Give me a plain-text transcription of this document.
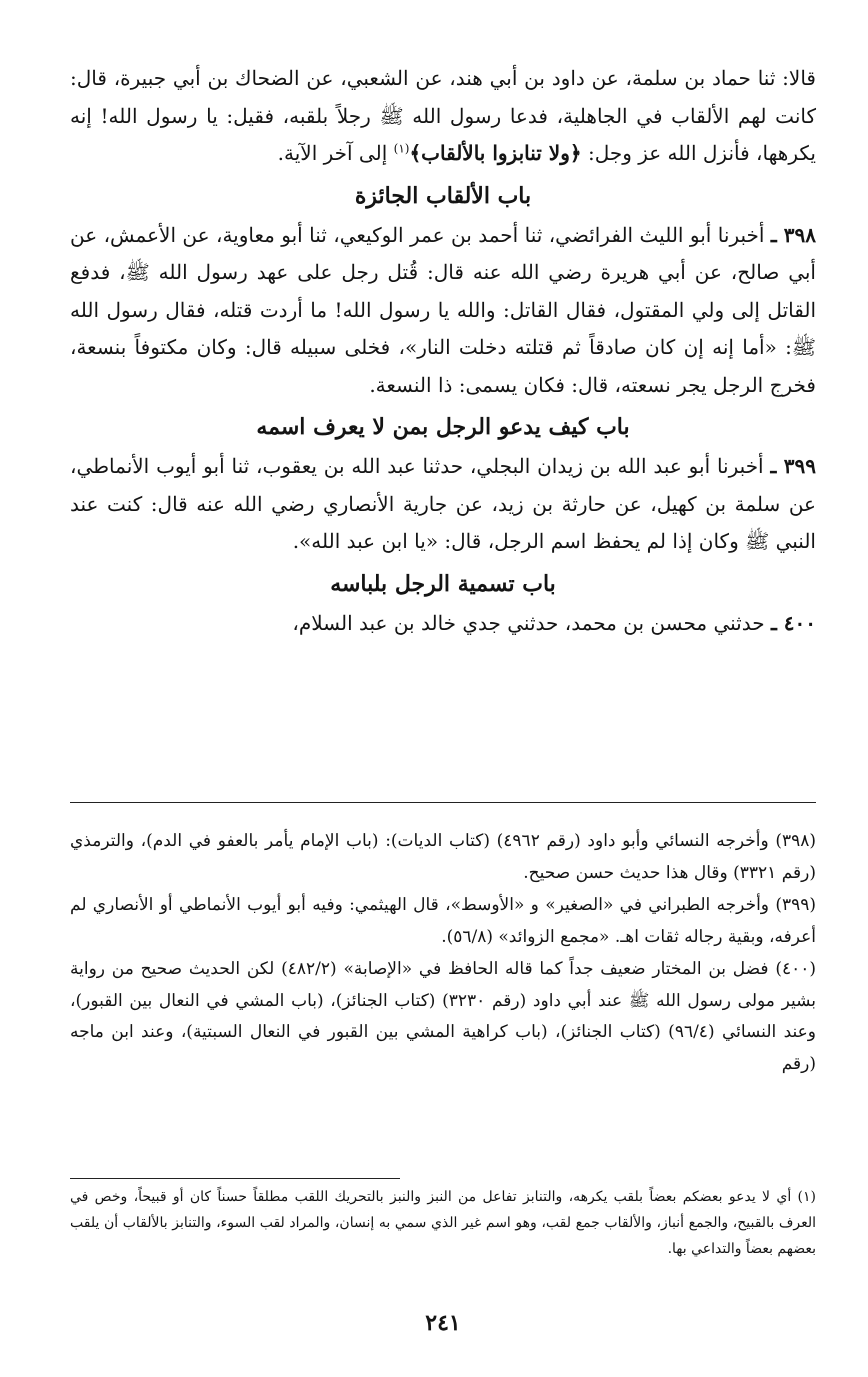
قالا: ثنا حماد بن سلمة، عن داود بن أبي هند، عن الشعبي، عن الضحاك بن أبي جبيرة، قال: كانت لهم الألقاب في الجاهلية، فدعا رسول الله ﷺ رجلاً بلقبه، فقيل: يا رسول الله! إنه يكرهها، فأنزل الله عز وجل: ﴿ولا تنابزوا بالألقاب﴾$^{(١)}$ إلى آخر الآية.

باب الألقاب الجائزة

٣٩٨ ـ أخبرنا أبو الليث الفرائضي، ثنا أحمد بن عمر الوكيعي، ثنا أبو معاوية، عن الأعمش، عن أبي صالح، عن أبي هريرة رضي الله عنه قال: قُتل رجل على عهد رسول الله ﷺ، فدفع القاتل إلى ولي المقتول، فقال القاتل: والله يا رسول الله! ما أردت قتله، فقال رسول الله ﷺ: «أما إنه إن كان صادقاً ثم قتلته دخلت النار»، فخلى سبيله قال: وكان مكتوفاً بنسعة، فخرج الرجل يجر نسعته، قال: فكان يسمى: ذا النسعة.

باب كيف يدعو الرجل بمن لا يعرف اسمه

٣٩٩ ـ أخبرنا أبو عبد الله بن زيدان البجلي، حدثنا عبد الله بن يعقوب، ثنا أبو أيوب الأنماطي، عن سلمة بن كهيل، عن حارثة بن زيد، عن جارية الأنصاري رضي الله عنه قال: كنت عند النبي ﷺ وكان إذا لم يحفظ اسم الرجل، قال: «يا ابن عبد الله».

باب تسمية الرجل بلباسه

٤٠٠ ـ حدثني محسن بن محمد، حدثني جدي خالد بن عبد السلام،

(٣٩٨) وأخرجه النسائي وأبو داود (رقم ٤٩٦٢) (كتاب الديات): (باب الإمام يأمر بالعفو في الدم)، والترمذي (رقم ٣٣٢١) وقال هذا حديث حسن صحيح.

(٣٩٩) وأخرجه الطبراني في «الصغير» و «الأوسط»، قال الهيثمي: وفيه أبو أيوب الأنماطي أو الأنصاري لم أعرفه، وبقية رجاله ثقات اهـ. «مجمع الزوائد» (٥٦/٨).

(٤٠٠) فضل بن المختار ضعيف جداً كما قاله الحافظ في «الإصابة» (٤٨٢/٢) لكن الحديث صحيح من رواية بشير مولى رسول الله ﷺ عند أبي داود (رقم ٣٢٣٠) (كتاب الجنائز)، (باب المشي في النعال بين القبور)، وعند النسائي (٩٦/٤) (كتاب الجنائز)، (باب كراهية المشي بين القبور في النعال السبتية)، وعند ابن ماجه (رقم

(١) أي لا يدعو بعضكم بعضاً بلقب يكرهه، والتنابز تفاعل من النبز والنبز بالتحريك اللقب مطلقاً حسناً كان أو قبيحاً، وخص في العرف بالقبيح، والجمع أنباز، والألقاب جمع لقب، وهو اسم غير الذي سمي به إنسان، والمراد لقب السوء، والتنابز بالألقاب أن يلقب بعضهم بعضاً والتداعي بها.
٢٤١
